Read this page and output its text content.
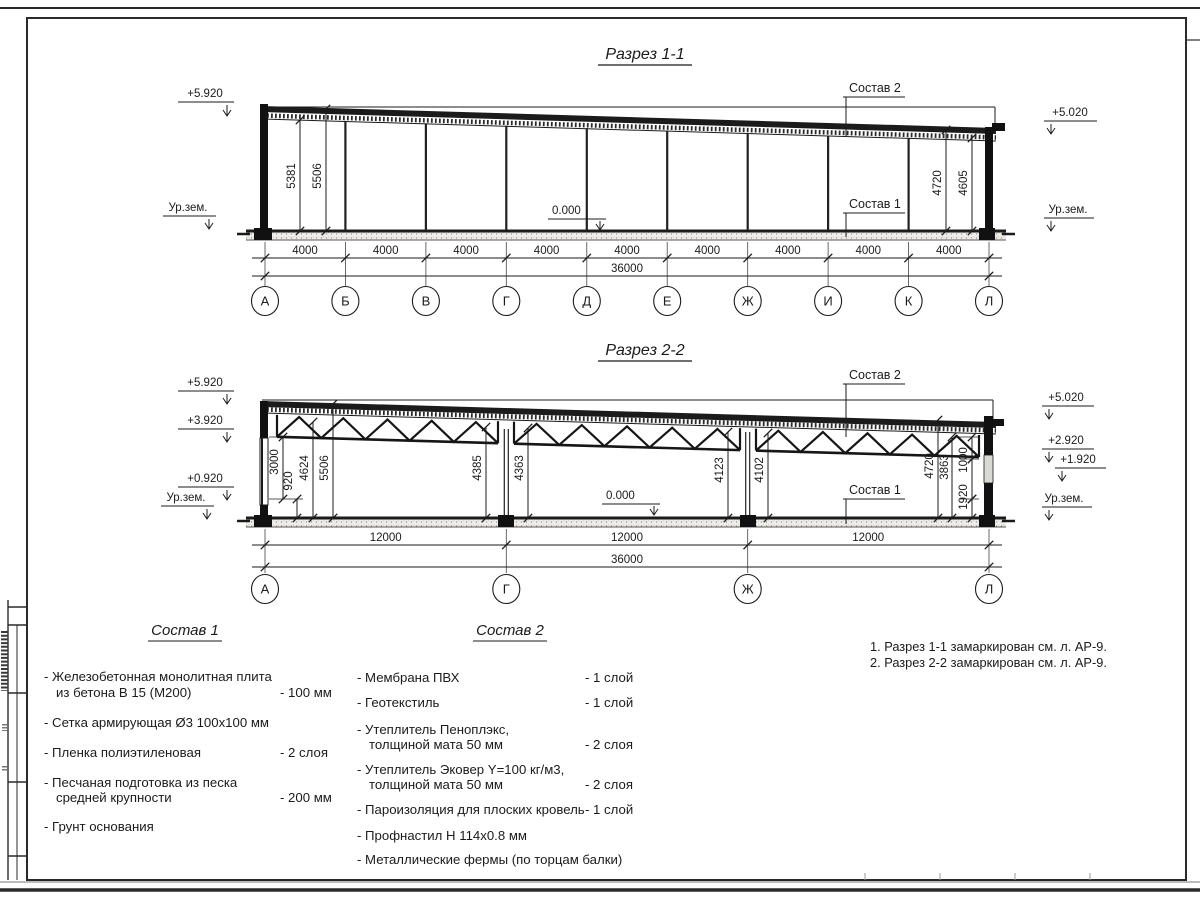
Разрез 1-1
+5.920
Ур.зем.
+5.020
Ур.зем.
0.000
Состав 2
Состав 1
5381 5506	4720 4605
4000	4000	4000	4000	4000	4000	4000	4000	4000
36000
А	Б	В	Г	Д	Е	Ж	И	К	Л
Разрез 2-2
+5.920
+3.920
+0.920
Ур.зем.
+5.020
+2.920
+1.920
Ур.зем.
0.000
Состав 2
Состав 1
3000
920
4624 5506	4385	4363	4123 4102	4720 3863 1000
1920
12000	12000	12000
36000
А	Г	Ж	Л
Состав 1
- Железобетонная монолитная плита
из бетона В 15 (М200)	- 100 мм
- Сетка армирующая Ø3 100х100 мм
- Пленка полиэтиленовая	- 2 слоя
- Песчаная подготовка из песка
средней крупности	- 200 мм
- Грунт основания
Состав 2
- Мембрана ПВХ	- 1 слой
- Геотекстиль	- 1 слой
- Утеплитель Пеноплэкс,
толщиной мата 50 мм	- 2 слоя
- Утеплитель Эковер Y=100 кг/м3,
толщиной мата 50 мм	- 2 слоя
- Пароизоляция для плоских кровель - 1 слой
- Профнастил Н 114х0.8 мм
- Металлические фермы (по торцам балки)
1. Разрез 1-1 замаркирован см. л. АР-9.
2. Разрез 2-2 замаркирован см. л. АР-9.
